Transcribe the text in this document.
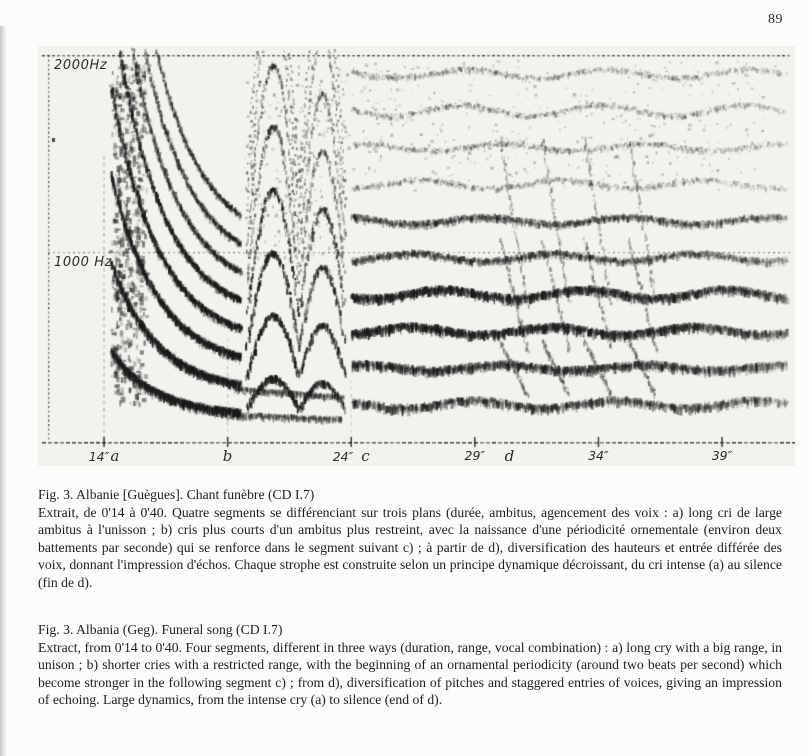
89
2000Hz
1000 Hz
14″a	b	24″ c	29″ d	34″	39″

Fig. 3. Albanie [Guègues]. Chant funèbre (CD I.7)

Extrait, de 0'14 à 0'40. Quatre segments se différenciant sur trois plans (durée, ambitus, agencement des voix : a) long cri de large ambitus à l'unisson ; b) cris plus courts d'un ambitus plus restreint, avec la naissance d'une périodicité ornementale (environ deux battements par seconde) qui se renforce dans le segment suivant c) ; à partir de d), diversification des hauteurs et entrée différée des voix, donnant l'impression d'échos. Chaque strophe est construite selon un principe dynamique décroissant, du cri intense (a) au silence (fin de d).

Fig. 3. Albania (Geg). Funeral song (CD I.7)

Extract, from 0'14 to 0'40. Four segments, different in three ways (duration, range, vocal combination) : a) long cry with a big range, in unison ; b) shorter cries with a restricted range, with the beginning of an ornamental periodicity (around two beats per second) which become stronger in the following segment c) ; from d), diversification of pitches and staggered entries of voices, giving an impression of echoing. Large dynamics, from the intense cry (a) to silence (end of d).
